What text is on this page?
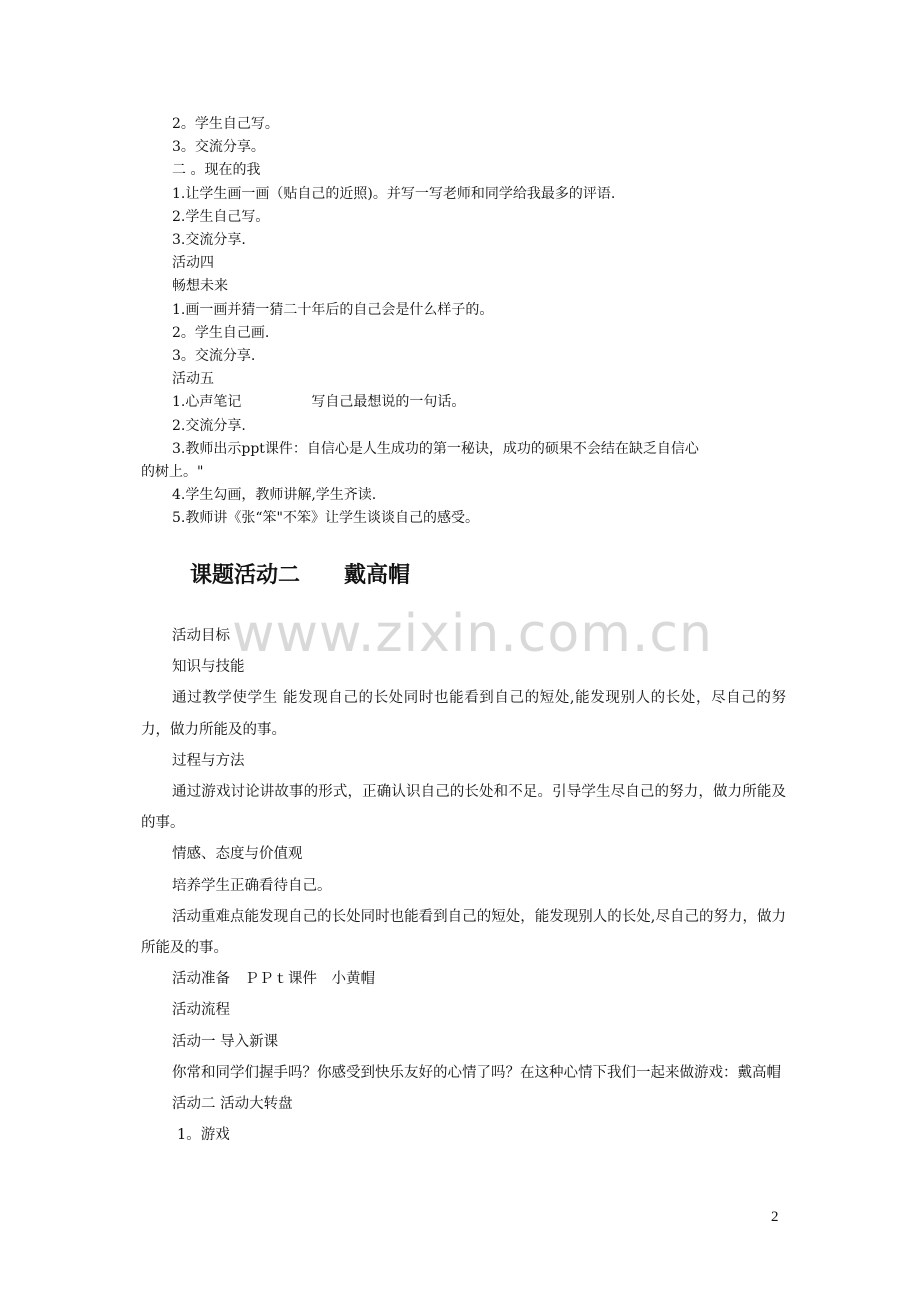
2。学生自己写。
3。交流分享。
二 。现在的我
1.让学生画一画（贴自己的近照)。并写一写老师和同学给我最多的评语.
2.学生自己写。
3.交流分享.
活动四
畅想未来
1.画一画并猜一猜二十年后的自己会是什么样子的。
2。学生自己画.
3。交流分享.
活动五
1.心声笔记　　　　　写自己最想说的一句话。
2.交流分享.
3.教师出示ppt课件：自信心是人生成功的第一秘诀，成功的硕果不会结在缺乏自信心
的树上。"
4.学生勾画，教师讲解,学生齐读.
5.教师讲《张“笨"不笨》让学生谈谈自己的感受。
课题活动二　　戴高帽
www.zixin.com.cn
活动目标
知识与技能
通过教学使学生 能发现自己的长处同时也能看到自己的短处,能发现别人的长处，尽自己的努力，做力所能及的事。
过程与方法
通过游戏讨论讲故事的形式，正确认识自己的长处和不足。引导学生尽自己的努力，做力所能及的事。
情感、态度与价值观
培养学生正确看待自己。
活动重难点能发现自己的长处同时也能看到自己的短处，能发现别人的长处,尽自己的努力，做力所能及的事。
活动准备　ＰＰｔ课件　小黄帽
活动流程
活动一 导入新课
你常和同学们握手吗？你感受到快乐友好的心情了吗？在这种心情下我们一起来做游戏：戴高帽
活动二 活动大转盘
1。游戏
2
